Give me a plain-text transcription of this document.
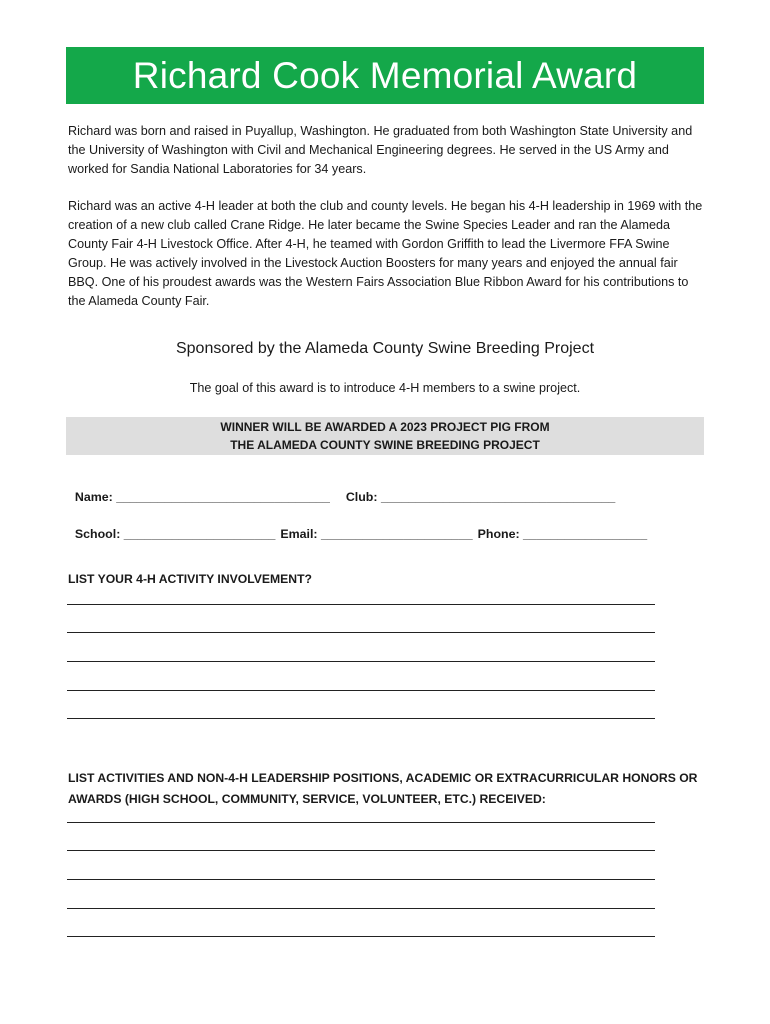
Richard Cook Memorial Award
Richard was born and raised in Puyallup, Washington. He graduated from both Washington State University and the University of Washington with Civil and Mechanical Engineering degrees. He served in the US Army and worked for Sandia National Laboratories for 34 years.
Richard was an active 4-H leader at both the club and county levels. He began his 4-H leadership in 1969 with the creation of a new club called Crane Ridge. He later became the Swine Species Leader and ran the Alameda County Fair 4-H Livestock Office. After 4-H, he teamed with Gordon Griffith to lead the Livermore FFA Swine Group. He was actively involved in the Livestock Auction Boosters for many years and enjoyed the annual fair BBQ. One of his proudest awards was the Western Fairs Association Blue Ribbon Award for his contributions to the Alameda County Fair.
Sponsored by the Alameda County Swine Breeding Project
The goal of this award is to introduce 4-H members to a swine project.
WINNER WILL BE AWARDED A 2023 PROJECT PIG FROM
THE ALAMEDA COUNTY SWINE BREEDING PROJECT

Name: _______________________________ Club: __________________________________

School: ______________________ Email: ______________________ Phone: __________________

LIST YOUR 4-H ACTIVITY INVOLVEMENT?
LIST ACTIVITIES AND NON-4-H LEADERSHIP POSITIONS, ACADEMIC OR EXTRACURRICULAR HONORS OR AWARDS (HIGH SCHOOL, COMMUNITY, SERVICE, VOLUNTEER, ETC.) RECEIVED:
